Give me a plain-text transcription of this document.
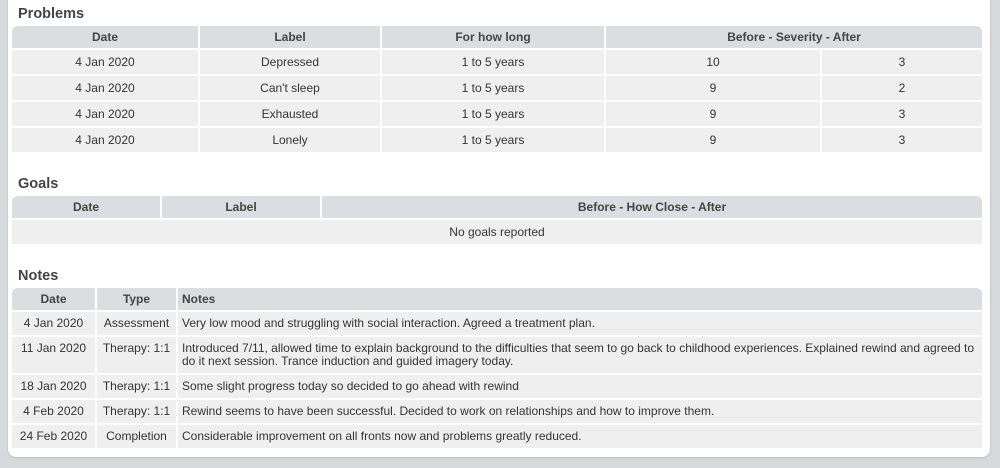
Problems
Date	Label	For how long	Before - Severity - After	
4 Jan 2020	Depressed	1 to 5 years	10	3
4 Jan 2020	Can't sleep	1 to 5 years	9	2
4 Jan 2020	Exhausted	1 to 5 years	9	3
4 Jan 2020	Lonely	1 to 5 years	9	3
Goals
Date	Label	Before - How Close - After
No goals reported
Notes
Date	Type	Notes
4 Jan 2020	Assessment	Very low mood and struggling with social interaction. Agreed a treatment plan.
11 Jan 2020	Therapy: 1:1	Introduced 7/11, allowed time to explain background to the difficulties that seem to go back to childhood experiences. Explained rewind and agreed to do it next session. Trance induction and guided imagery today.
18 Jan 2020	Therapy: 1:1	Some slight progress today so decided to go ahead with rewind
4 Feb 2020	Therapy: 1:1	Rewind seems to have been successful. Decided to work on relationships and how to improve them.
24 Feb 2020	Completion	Considerable improvement on all fronts now and problems greatly reduced.
